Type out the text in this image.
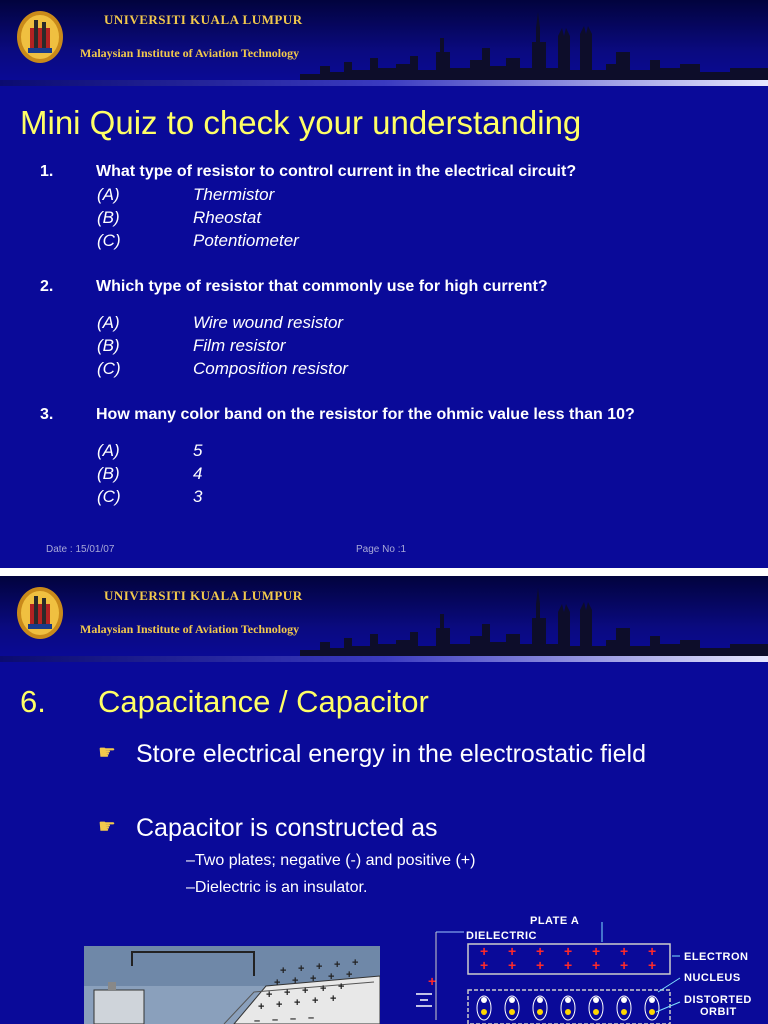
UNIVERSITI KUALA LUMPUR
Malaysian Institute of Aviation Technology
Mini Quiz to check your understanding
1.	What type of resistor to control current in the electrical circuit?
(A)	Thermistor
(B)	Rheostat
(C)	Potentiometer
2.	Which type of resistor that commonly use for high current?
(A)	Wire wound resistor
(B)	Film resistor
(C)	Composition resistor
3.	How many color band on the resistor for the ohmic value less than 10?
(A)	5
(B)	4
(C)	3
Date : 15/01/07	Page No :1
UNIVERSITI KUALA LUMPUR
Malaysian Institute of Aviation Technology
6. Capacitance / Capacitor
☛ Store electrical energy in the electrostatic field
☛ Capacitor is constructed as
–Two plates; negative (-) and positive (+)
–Dielectric is an insulator.
+ + + + +
+ + + + +
+ + + + +
+ + + + +
– – – –
+ + + + + + +
+ + + + + + +
+
PLATE A
DIELECTRIC
ELECTRON
NUCLEUS
DISTORTED
ORBIT
